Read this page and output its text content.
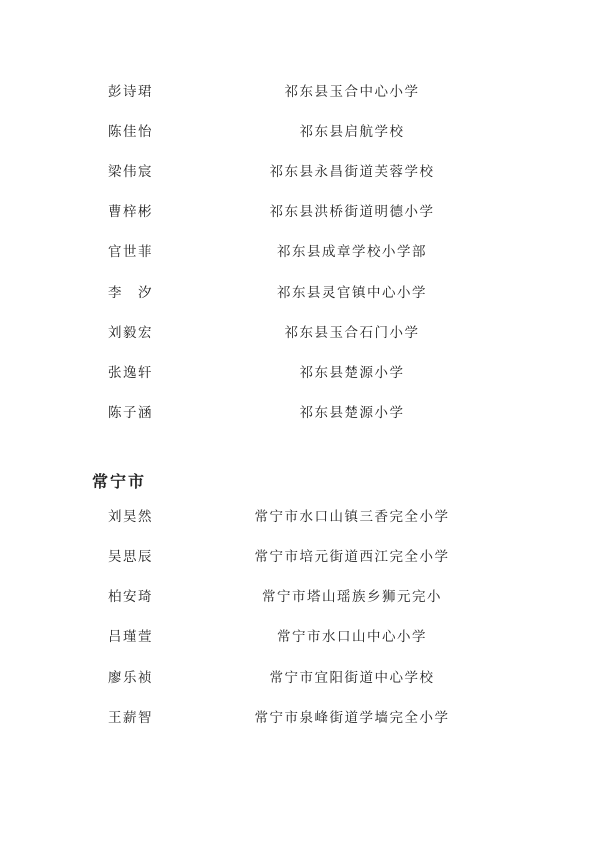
彭诗珺	祁东县玉合中心小学
陈佳怡	祁东县启航学校
梁伟宸	祁东县永昌街道芙蓉学校
曹梓彬	祁东县洪桥街道明德小学
官世菲	祁东县成章学校小学部
李　汐	祁东县灵官镇中心小学
刘毅宏	祁东县玉合石门小学
张逸轩	祁东县楚源小学
陈子涵	祁东县楚源小学
常宁市
刘昊然	常宁市水口山镇三香完全小学
吴思辰	常宁市培元街道西江完全小学
柏安琦	常宁市塔山瑶族乡狮元完小
吕瑾萱	常宁市水口山中心小学
廖乐祯	常宁市宜阳街道中心学校
王薪智	常宁市泉峰街道学墙完全小学
